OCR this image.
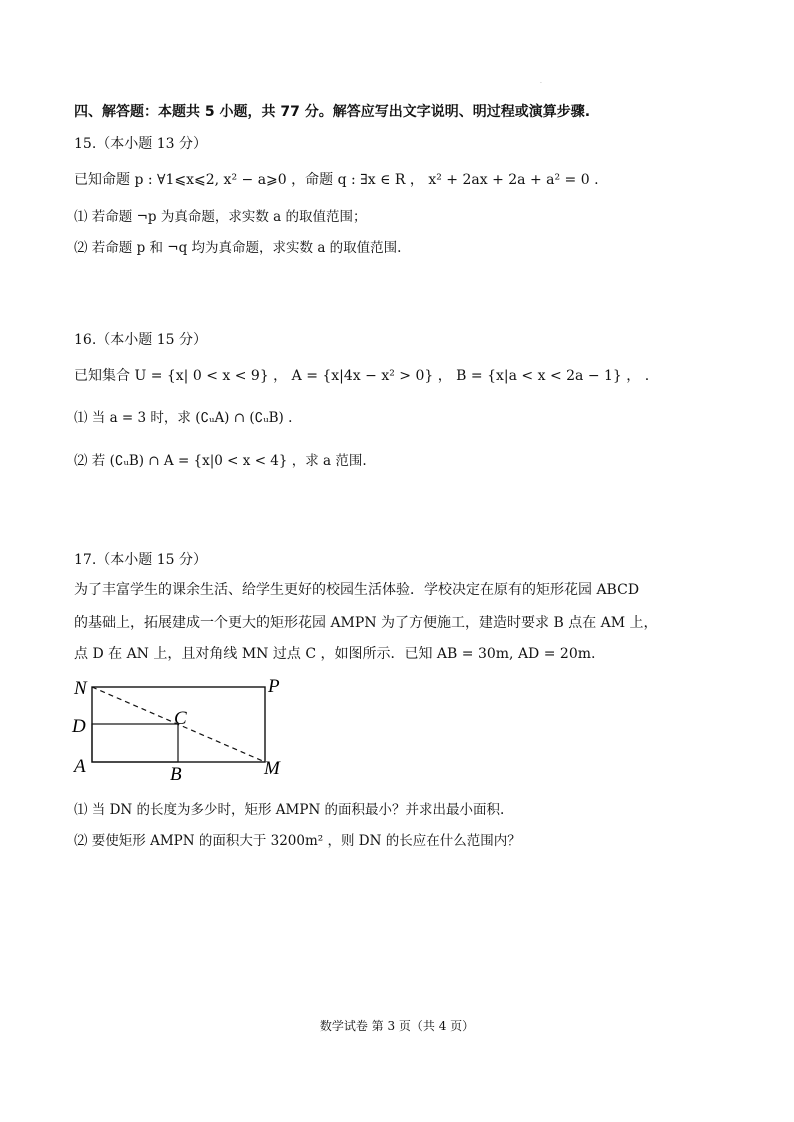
.
四、解答题：本题共 5 小题，共 77 分。解答应写出文字说明、明过程或演算步骤.
15.（本小题 13 分）
已知命题 p : ∀1⩽x⩽2, x² − a⩾0 ，命题 q : ∃x ∈ R ， x² + 2ax + 2a + a² = 0 .
⑴ 若命题 ¬p 为真命题，求实数 a 的取值范围；
⑵ 若命题 p 和 ¬q 均为真命题，求实数 a 的取值范围.
16.（本小题 15 分）
已知集合 U = {x| 0 < x < 9} ， A = {x|4x − x² > 0} ， B = {x|a < x < 2a − 1} ， .
⑴ 当 a = 3 时，求 (∁ᵤA) ∩ (∁ᵤB) .
⑵ 若 (∁ᵤB) ∩ A = {x|0 < x < 4} ，求 a 范围.
17.（本小题 15 分）
为了丰富学生的课余生活、给学生更好的校园生活体验．学校决定在原有的矩形花园 ABCD
的基础上，拓展建成一个更大的矩形花园 AMPN 为了方便施工，建造时要求 B 点在 AM 上，
点 D 在 AN 上，且对角线 MN 过点 C ，如图所示．已知 AB = 30m, AD = 20m.
N	P
D	C
A	B	M
⑴ 当 DN 的长度为多少时，矩形 AMPN 的面积最小？并求出最小面积.
⑵ 要使矩形 AMPN 的面积大于 3200m² ，则 DN 的长应在什么范围内？
数学试卷 第 3 页（共 4 页）
